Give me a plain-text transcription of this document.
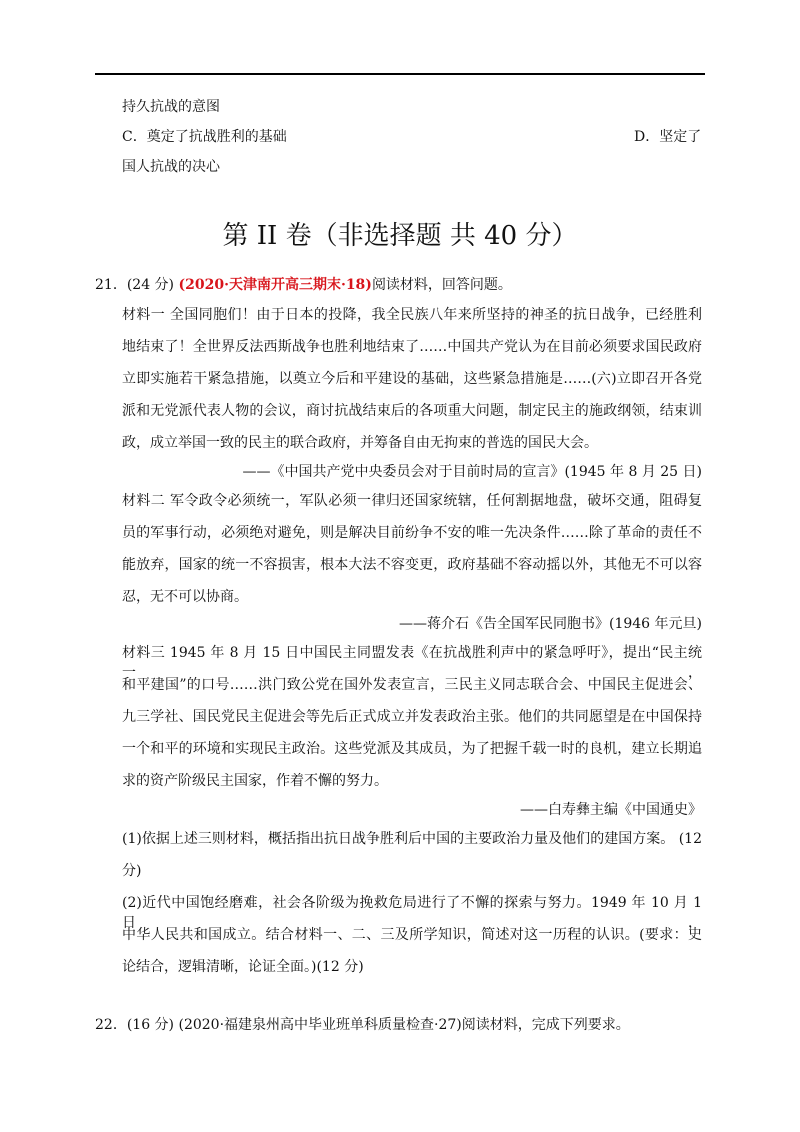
持久抗战的意图
C．奠定了抗战胜利的基础	D．坚定了
国人抗战的决心
第 II 卷（非选择题 共 40 分）
21．(24 分) (2020·天津南开高三期末·18)阅读材料，回答问题。
材料一 全国同胞们！由于日本的投降，我全民族八年来所坚持的神圣的抗日战争，已经胜利
地结束了！全世界反法西斯战争也胜利地结束了……中国共产党认为在目前必须要求国民政府
立即实施若干紧急措施，以奠立今后和平建设的基础，这些紧急措施是……(六)立即召开各党
派和无党派代表人物的会议，商讨抗战结束后的各项重大问题，制定民主的施政纲领，结束训
政，成立举国一致的民主的联合政府，并筹备自由无拘束的普选的国民大会。
——《中国共产党中央委员会对于目前时局的宣言》(1945 年 8 月 25 日)
材料二 军令政令必须统一，军队必须一律归还国家统辖，任何割据地盘，破坏交通，阻碍复
员的军事行动，必须绝对避免，则是解决目前纷争不安的唯一先决条件……除了革命的责任不
能放弃，国家的统一不容损害，根本大法不容变更，政府基础不容动摇以外，其他无不可以容
忍，无不可以协商。
——蒋介石《告全国军民同胞书》(1946 年元旦)
材料三 1945 年 8 月 15 日中国民主同盟发表《在抗战胜利声中的紧急呼吁》，提出“民主统一，
和平建国”的口号……洪门致公党在国外发表宣言，三民主义同志联合会、中国民主促进会、
九三学社、国民党民主促进会等先后正式成立并发表政治主张。他们的共同愿望是在中国保持
一个和平的环境和实现民主政治。这些党派及其成员，为了把握千载一时的良机，建立长期追
求的资产阶级民主国家，作着不懈的努力。
——白寿彝主编《中国通史》
(1)依据上述三则材料，概括指出抗日战争胜利后中国的主要政治力量及他们的建国方案。 (12
分)
(2)近代中国饱经磨难，社会各阶级为挽救危局进行了不懈的探索与努力。1949 年 10 月 1 日，
中华人民共和国成立。结合材料一、二、三及所学知识，简述对这一历程的认识。(要求：史
论结合，逻辑清晰，论证全面。)(12 分)
22．(16 分) (2020·福建泉州高中毕业班单科质量检查·27)阅读材料，完成下列要求。
